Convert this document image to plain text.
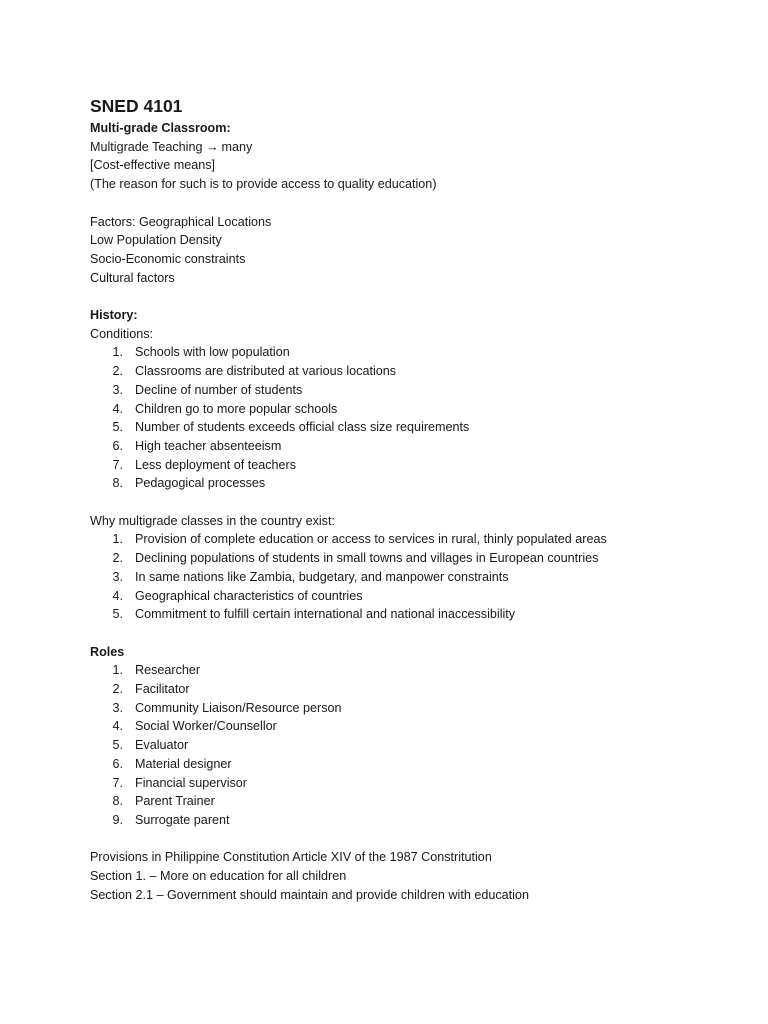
SNED 4101
Multi-grade Classroom:
Multigrade Teaching → many
[Cost-effective means]
(The reason for such is to provide access to quality education)
Factors: Geographical Locations
Low Population Density
Socio-Economic constraints
Cultural factors
History:
Conditions:
1. Schools with low population
2. Classrooms are distributed at various locations
3. Decline of number of students
4. Children go to more popular schools
5. Number of students exceeds official class size requirements
6. High teacher absenteeism
7. Less deployment of teachers
8. Pedagogical processes
Why multigrade classes in the country exist:
1. Provision of complete education or access to services in rural, thinly populated areas
2. Declining populations of students in small towns and villages in European countries
3. In same nations like Zambia, budgetary, and manpower constraints
4. Geographical characteristics of countries
5. Commitment to fulfill certain international and national inaccessibility
Roles
1. Researcher
2. Facilitator
3. Community Liaison/Resource person
4. Social Worker/Counsellor
5. Evaluator
6. Material designer
7. Financial supervisor
8. Parent Trainer
9. Surrogate parent
Provisions in Philippine Constitution Article XIV of the 1987 Constritution
Section 1. – More on education for all children
Section 2.1 – Government should maintain and provide children with education
